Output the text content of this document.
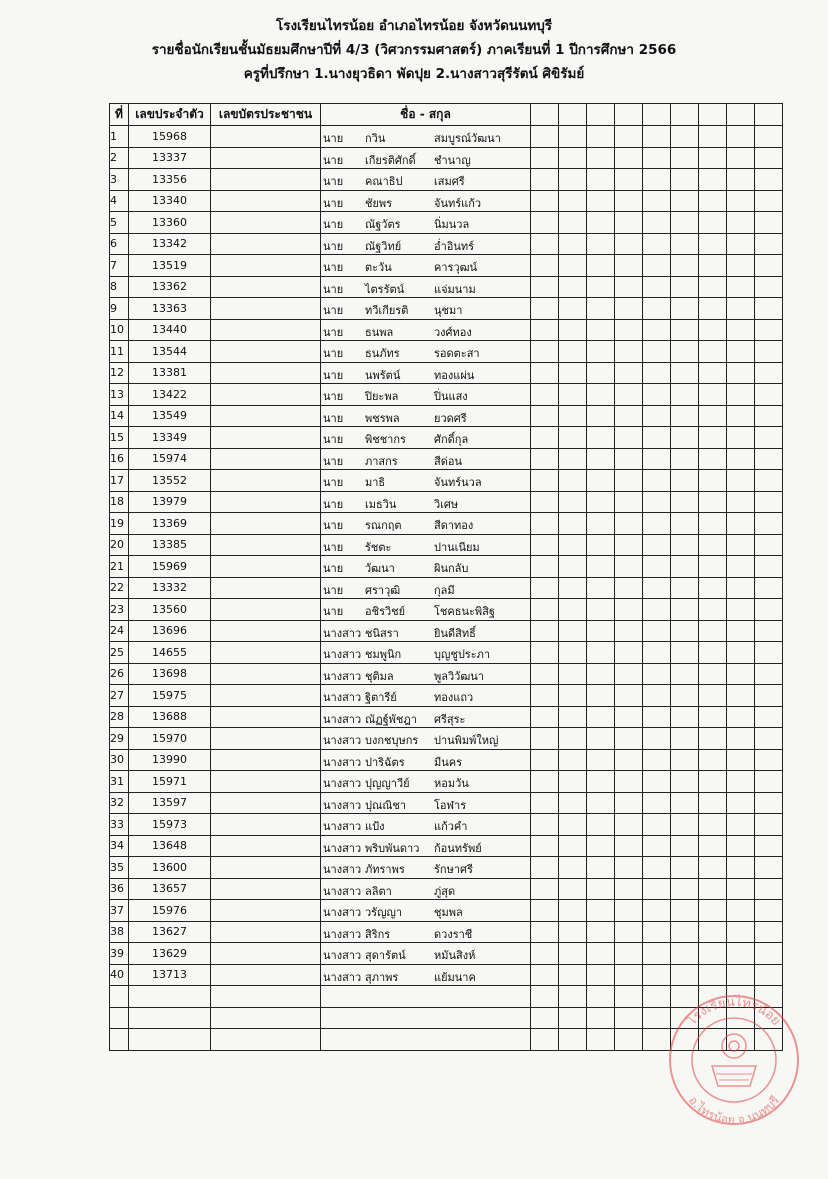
โรงเรียนไทรน้อย อำเภอไทรน้อย จังหวัดนนทบุรี
รายชื่อนักเรียนชั้นมัธยมศึกษาปีที่ 4/3 (วิศวกรรมศาสตร์) ภาคเรียนที่ 1 ปีการศึกษา 2566
ครูที่ปรึกษา 1.นางยุวธิดา พัดปุย 2.นางสาวสุรีรัตน์ ศิขิรัมย์
ที่	เลขประจำตัว	เลขบัตรประชาชน	ชื่อ - สกุล									
1	15968		นาย กวิน สมบูรณ์วัฒนา									

2	13337		นาย เกียรติศักดิ์ ชำนาญ									

3	13356		นาย คณาธิป เสมศรี									

4	13340		นาย ชัยพร จันทร์แก้ว									

5	13360		นาย ณัฐวัตร นิ่มนวล									

6	13342		นาย ณัฐวิทย์ อ่ำอินทร์									

7	13519		นาย ตะวัน คารวุฒน์									

8	13362		นาย ไตรรัตน์ แจ่มนาม									

9	13363		นาย ทวีเกียรติ นุชมา									

10	13440		นาย ธนพล วงศ์ทอง									

11	13544		นาย ธนภัทร รอดตะสา									

12	13381		นาย นพรัตน์ ทองแผ่น									

13	13422		นาย ปิยะพล ปิ่นแสง									

14	13549		นาย พชรพล ยวดศรี									

15	13349		นาย พิชชากร ศักดิ์กุล									

16	15974		นาย ภาสกร สีด่อน									

17	13552		นาย มาธิ จันทร์นวล									

18	13979		นาย เมธวิน วิเศษ									

19	13369		นาย รณกฤต สีดาทอง									

20	13385		นาย รัชตะ ปานเนียม									

21	15969		นาย วัฒนา ผินกลับ									

22	13332		นาย ศราวุฒิ กุลมี									

23	13560		นาย อชิรวิชย์ โชคธนะพิสิฐ									

24	13696		นางสาว ชนิสรา ยินดีสิทธิ์									

25	14655		นางสาว ชมพูนิก บุญชูประภา									

26	13698		นางสาว ชุติมล พูลวิวัฒนา									

27	15975		นางสาว ฐิตารีย์ ทองแถว									

28	13688		นางสาว ณัฏฐ์พัชฎา ศรีสุระ									

29	15970		นางสาว บงกชบุษกร ปานพิมพ์ใหญ่									

30	13990		นางสาว ปาริฉัตร มีนคร									

31	15971		นางสาว ปุญญาวีย์ หอมวัน									

32	13597		นางสาว ปุณณิชา โอฬาร									

33	15973		นางสาว แป้ง แก้วคำ									

34	13648		นางสาว พริบพันดาว ก้อนทรัพย์									

35	13600		นางสาว ภัทราพร รักษาศรี									

36	13657		นางสาว ลลิตา ภู่สุด									

37	15976		นางสาว วรัญญา ชุมพล									

38	13627		นางสาว สิริกร ดวงราชี									

39	13629		นางสาว สุดารัตน์ หมันสิงห์									

40	13713		นางสาว สุภาพร แย้มนาค									

โรงเรียนไทรน้อย
อ.ไทรน้อย จ.นนทบุรี
